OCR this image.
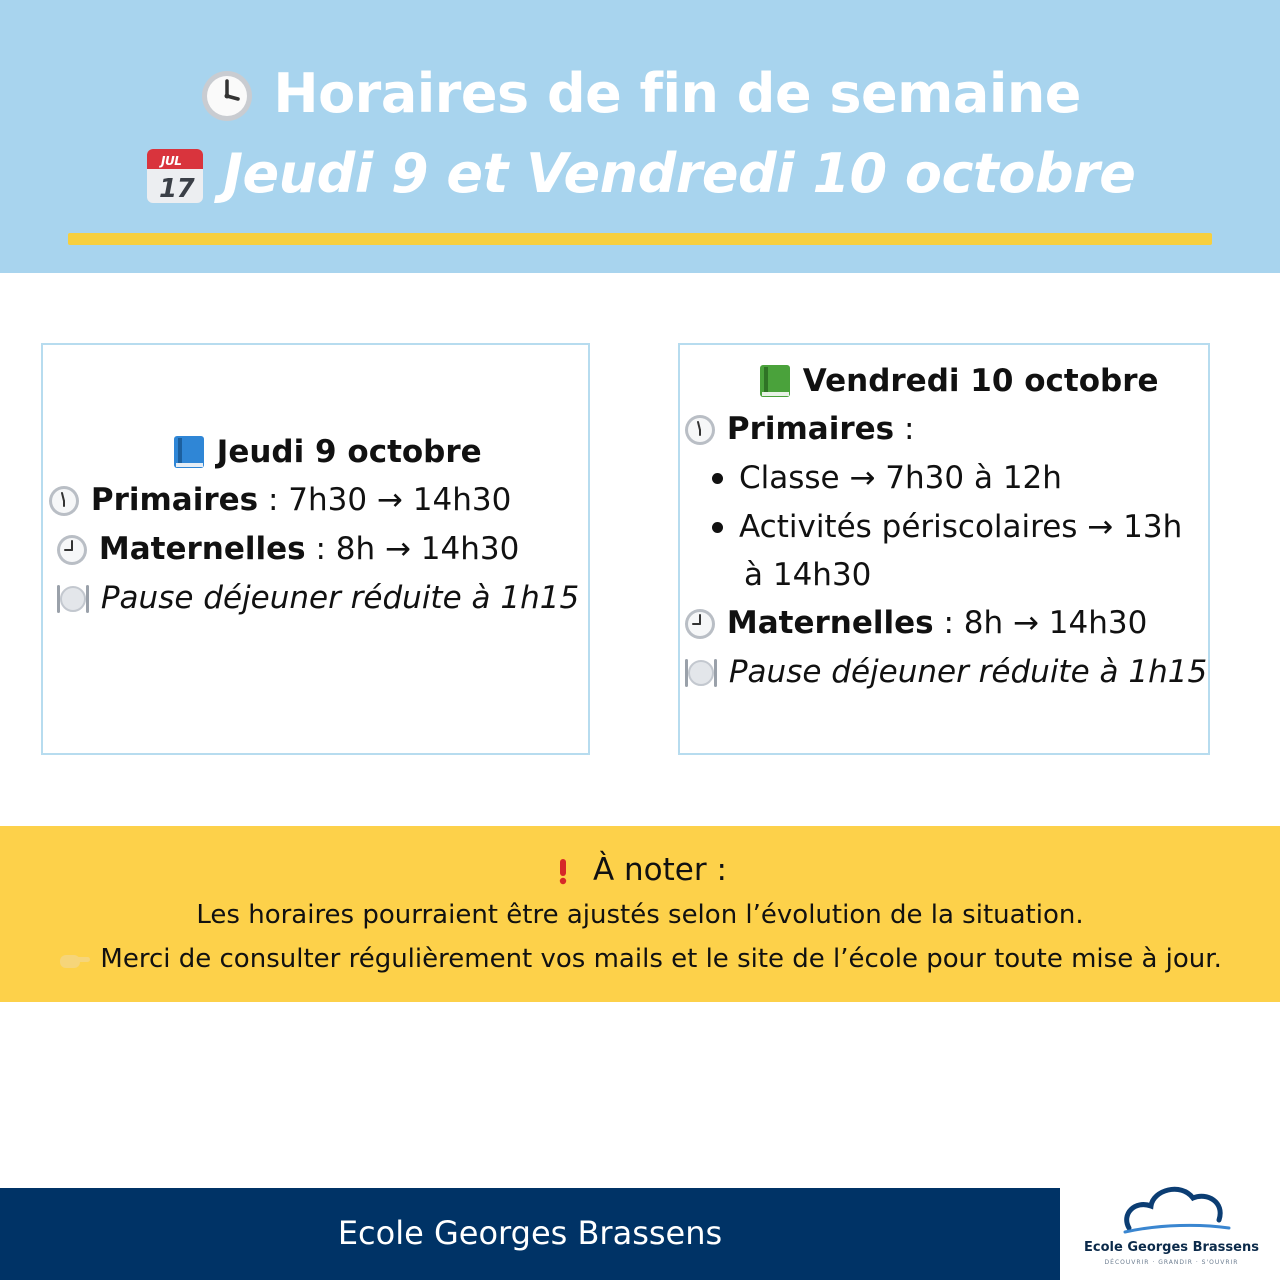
Horaires de fin de semaine
JUL
17 Jeudi 9 et Vendredi 10 octobre
Jeudi 9 octobre
Primaires : 7h30 → 14h30
Maternelles : 8h → 14h30
Pause déjeuner réduite à 1h15
Vendredi 10 octobre
Primaires :
Classe → 7h30 à 12h
Activités périscolaires → 13h
à 14h30
Maternelles : 8h → 14h30
Pause déjeuner réduite à 1h15
À noter :
Les horaires pourraient être ajustés selon l’évolution de la situation.
Merci de consulter régulièrement vos mails et le site de l’école pour toute mise à jour.
Ecole Georges Brassens	Ecole Georges Brassens
DÉCOUVRIR · GRANDIR · S'OUVRIR
